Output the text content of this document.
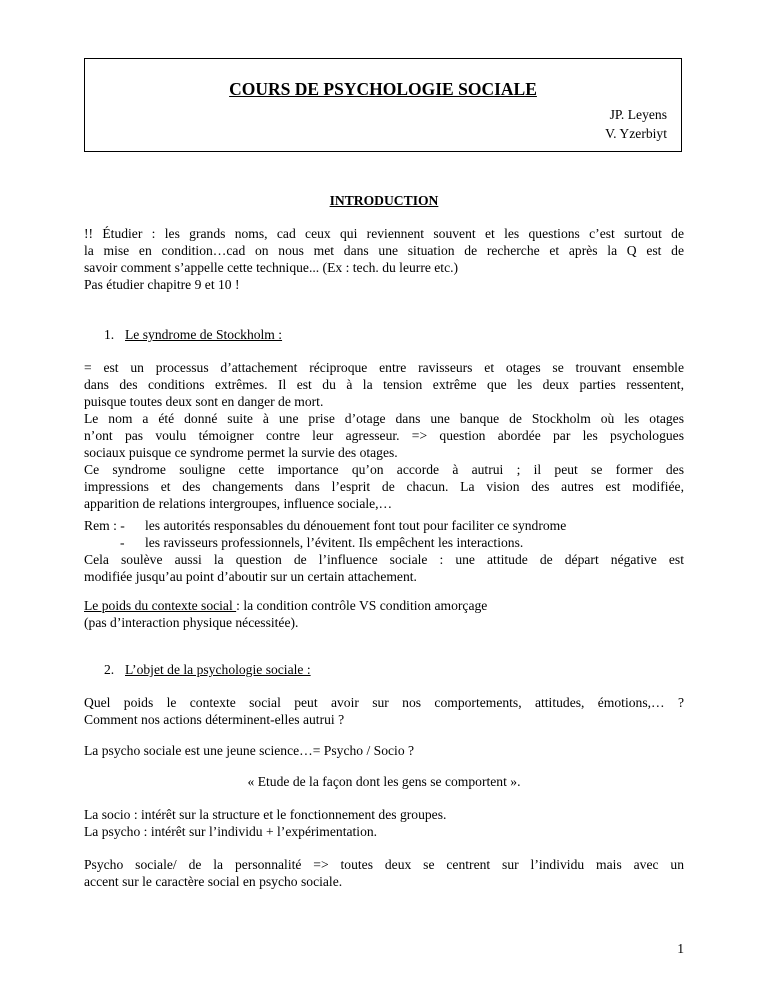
COURS DE PSYCHOLOGIE SOCIALE
JP. Leyens
V. Yzerbiyt
INTRODUCTION
!! Étudier : les grands noms, cad ceux qui reviennent souvent et les questions c’est surtout de
la mise en condition…cad on nous met dans une situation de recherche et après la Q est de
savoir comment s’appelle cette technique... (Ex : tech. du leurre etc.)
Pas étudier chapitre 9 et 10 !
1. Le syndrome de Stockholm :
= est un processus d’attachement réciproque entre ravisseurs et otages se trouvant ensemble
dans des conditions extrêmes. Il est du à la tension extrême que les deux parties ressentent,
puisque toutes deux sont en danger de mort.
Le nom a été donné suite à une prise d’otage dans une banque de Stockholm où les otages
n’ont pas voulu témoigner contre leur agresseur. => question abordée par les psychologues
sociaux puisque ce syndrome permet la survie des otages.
Ce syndrome souligne cette importance qu’on accorde à autrui ; il peut se former des
impressions et des changements dans l’esprit de chacun. La vision des autres est modifiée,
apparition de relations intergroupes, influence sociale,…
Rem : - les autorités responsables du dénouement font tout pour faciliter ce syndrome
- les ravisseurs professionnels, l’évitent. Ils empêchent les interactions.
Cela soulève aussi la question de l’influence sociale : une attitude de départ négative est
modifiée jusqu’au point d’aboutir sur un certain attachement.
Le poids du contexte social : la condition contrôle VS condition amorçage
(pas d’interaction physique nécessitée).
2. L’objet de la psychologie sociale :
Quel poids le contexte social peut avoir sur nos comportements, attitudes, émotions,… ?
Comment nos actions déterminent-elles autrui ?
La psycho sociale est une jeune science…= Psycho / Socio ?
« Etude de la façon dont les gens se comportent ».
La socio : intérêt sur la structure et le fonctionnement des groupes.
La psycho : intérêt sur l’individu + l’expérimentation.
Psycho sociale/ de la personnalité => toutes deux se centrent sur l’individu mais avec un
accent sur le caractère social en psycho sociale.
1
